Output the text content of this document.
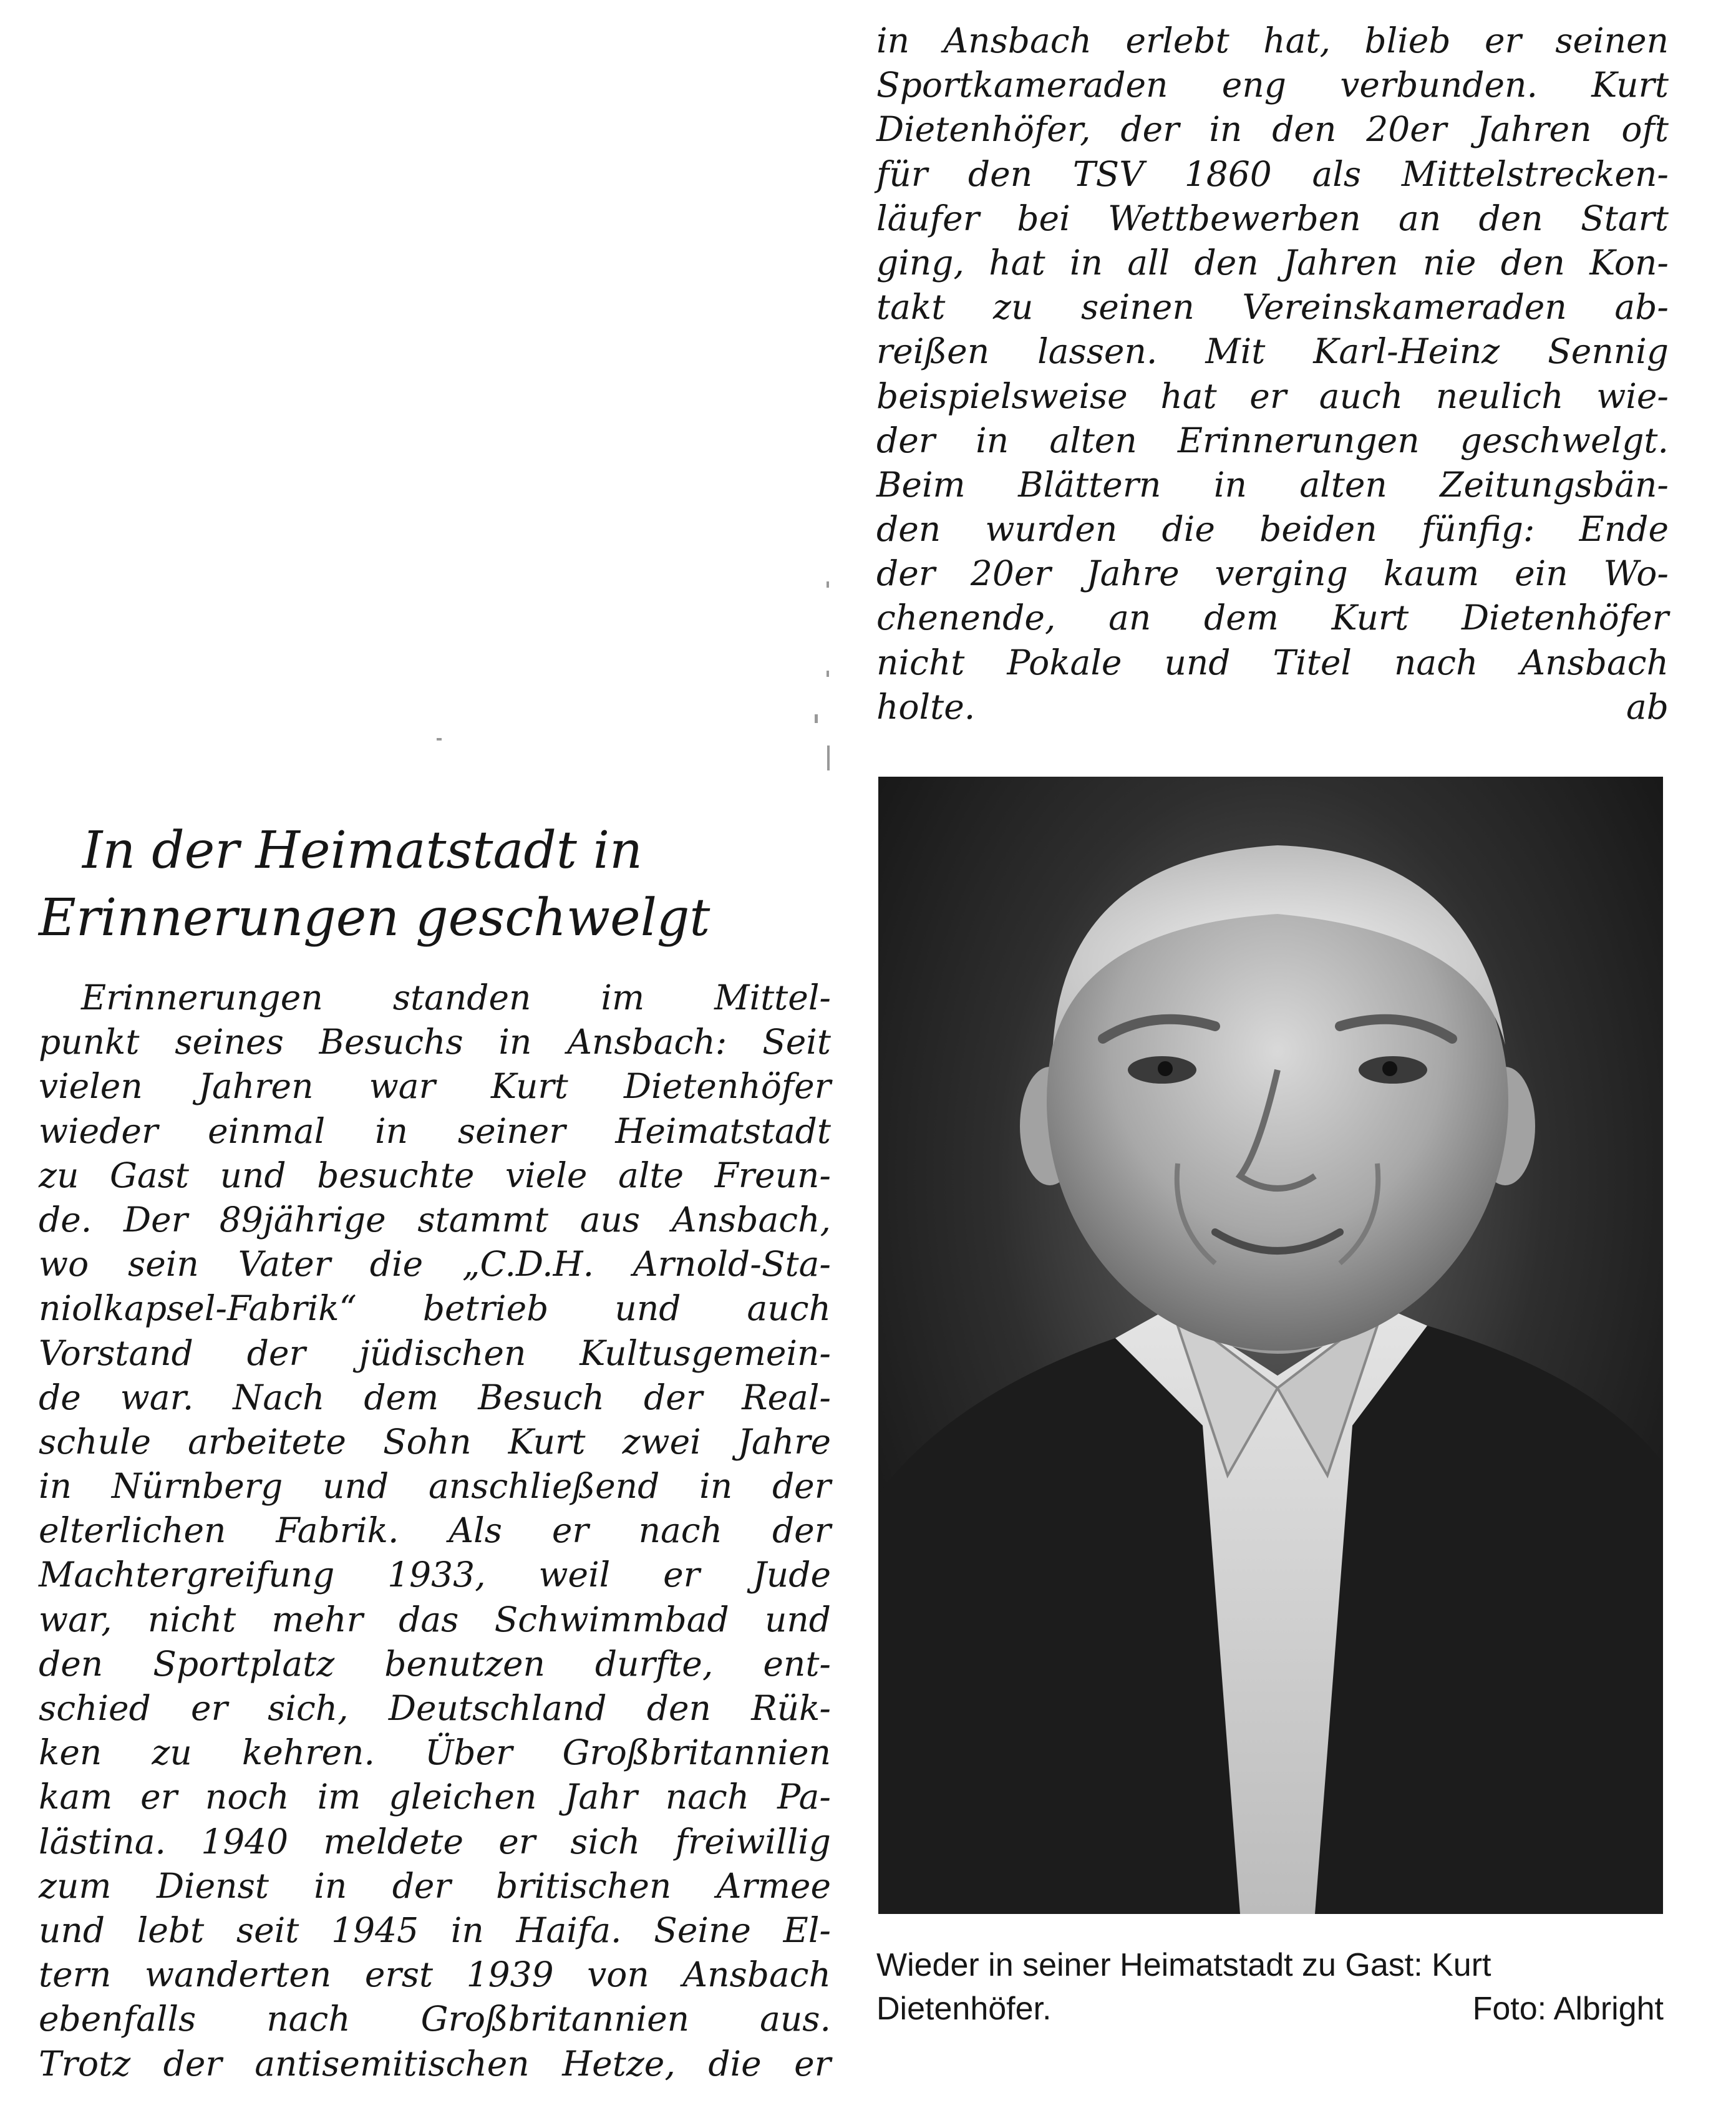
in Ansbach erlebt hat, blieb er seinen
Sportkameraden eng verbunden. Kurt
Dietenhöfer, der in den 20er Jahren oft
für den TSV 1860 als Mittelstrecken-
läufer bei Wettbewerben an den Start
ging, hat in all den Jahren nie den Kon-
takt zu seinen Vereinskameraden ab-
reißen lassen. Mit Karl-Heinz Sennig
beispielsweise hat er auch neulich wie-
der in alten Erinnerungen geschwelgt.
Beim Blättern in alten Zeitungsbän-
den wurden die beiden fünfig: Ende
der 20er Jahre verging kaum ein Wo-
chenende, an dem Kurt Dietenhöfer
nicht Pokale und Titel nach Ansbach
holte.	ab
In der Heimatstadt in
Erinnerungen geschwelgt
Erinnerungen standen im Mittel-
punkt seines Besuchs in Ansbach: Seit
vielen Jahren war Kurt Dietenhöfer
wieder einmal in seiner Heimatstadt
zu Gast und besuchte viele alte Freun-
de. Der 89jährige stammt aus Ansbach,
wo sein Vater die „C.D.H. Arnold-Sta-
niolkapsel-Fabrik“ betrieb und auch
Vorstand der jüdischen Kultusgemein-
de war. Nach dem Besuch der Real-
schule arbeitete Sohn Kurt zwei Jahre
in Nürnberg und anschließend in der
elterlichen Fabrik. Als er nach der
Machtergreifung 1933, weil er Jude
war, nicht mehr das Schwimmbad und
den Sportplatz benutzen durfte, ent-
schied er sich, Deutschland den Rük-
ken zu kehren. Über Großbritannien
kam er noch im gleichen Jahr nach Pa-
lästina. 1940 meldete er sich freiwillig
zum Dienst in der britischen Armee
und lebt seit 1945 in Haifa. Seine El-
tern wanderten erst 1939 von Ansbach
ebenfalls nach Großbritannien aus.
Trotz der antisemitischen Hetze, die er
Wieder in seiner Heimatstadt zu Gast: Kurt
Dietenhöfer.	Foto: Albright
